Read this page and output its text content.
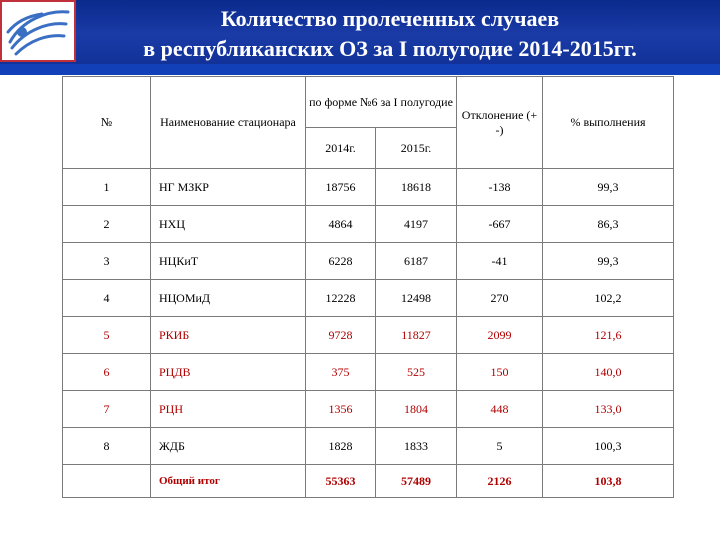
Количество пролеченных случаев
в республиканских ОЗ за I полугодие 2014-2015гг.
№	Наименование стационара	по форме №6 за I полугодие		Отклонение (+ -)	% выполнения
		2014г.	2015г.		
1	НГ МЗКР	18756	18618	-138	99,3
2	НХЦ	4864	4197	-667	86,3
3	НЦКиТ	6228	6187	-41	99,3
4	НЦОМиД	12228	12498	270	102,2
5	РКИБ	9728	11827	2099	121,6
6	РЦДВ	375	525	150	140,0
7	РЦН	1356	1804	448	133,0
8	ЖДБ	1828	1833	5	100,3
	Общий итог	55363	57489	2126	103,8
